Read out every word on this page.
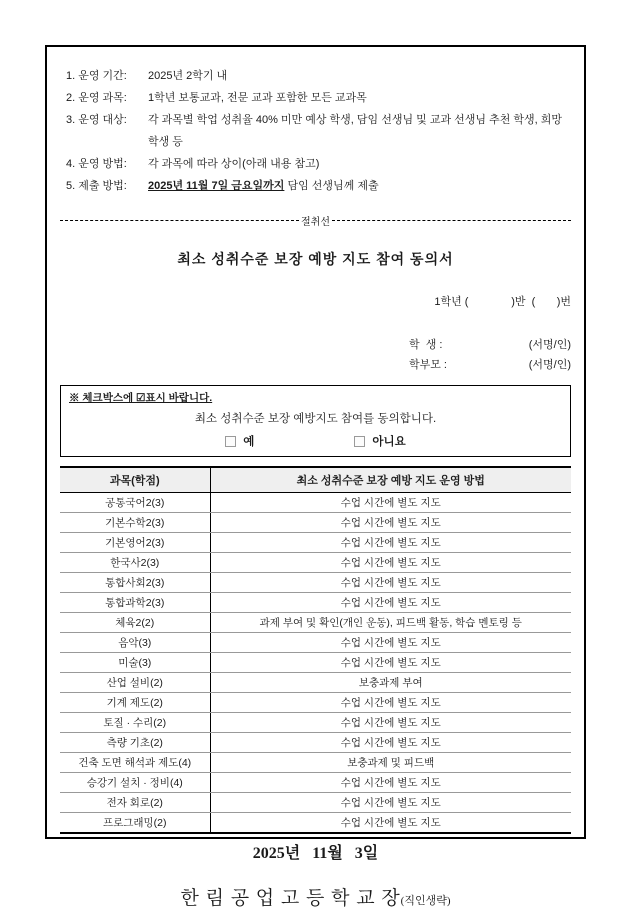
1. 운영 기간:	2025년 2학기 내
2. 운영 과목:	1학년 보통교과, 전문 교과 포함한 모든 교과목
3. 운영 대상:	각 과목별 학업 성취율 40% 미만 예상 학생, 담임 선생님 및 교과 선생님 추천 학생, 희망 학생 등
4. 운영 방법:	각 과목에 따라 상이(아래 내용 참고)
5. 제출 방법:	2025년 11월 7일 금요일까지 담임 선생님께 제출
절취선
최소 성취수준 보장 예방 지도 참여 동의서
1학년 (              )반  (       )번
학  생 :	(서명/인)
학부모 :	(서명/인)
※ 체크박스에 ☑표시 바랍니다.
최소 성취수준 보장 예방지도 참여를 동의합니다.
예	아니요
과목(학점)	최소 성취수준 보장 예방 지도 운영 방법
공통국어2(3)	수업 시간에 별도 지도
기본수학2(3)	수업 시간에 별도 지도
기본영어2(3)	수업 시간에 별도 지도
한국사2(3)	수업 시간에 별도 지도
통합사회2(3)	수업 시간에 별도 지도
통합과학2(3)	수업 시간에 별도 지도
체육2(2)	과제 부여 및 확인(개인 운동), 피드백 활동, 학습 멘토링 등
음악(3)	수업 시간에 별도 지도
미술(3)	수업 시간에 별도 지도
산업 설비(2)	보충과제 부여
기계 제도(2)	수업 시간에 별도 지도
토질 · 수리(2)	수업 시간에 별도 지도
측량 기초(2)	수업 시간에 별도 지도
건축 도면 해석과 제도(4)	보충과제 및 피드백
승강기 설치 · 정비(4)	수업 시간에 별도 지도
전자 회로(2)	수업 시간에 별도 지도
프로그래밍(2)	수업 시간에 별도 지도
2025년   11월   3일
한 림 공 업 고 등 학 교 장(직인생략)
